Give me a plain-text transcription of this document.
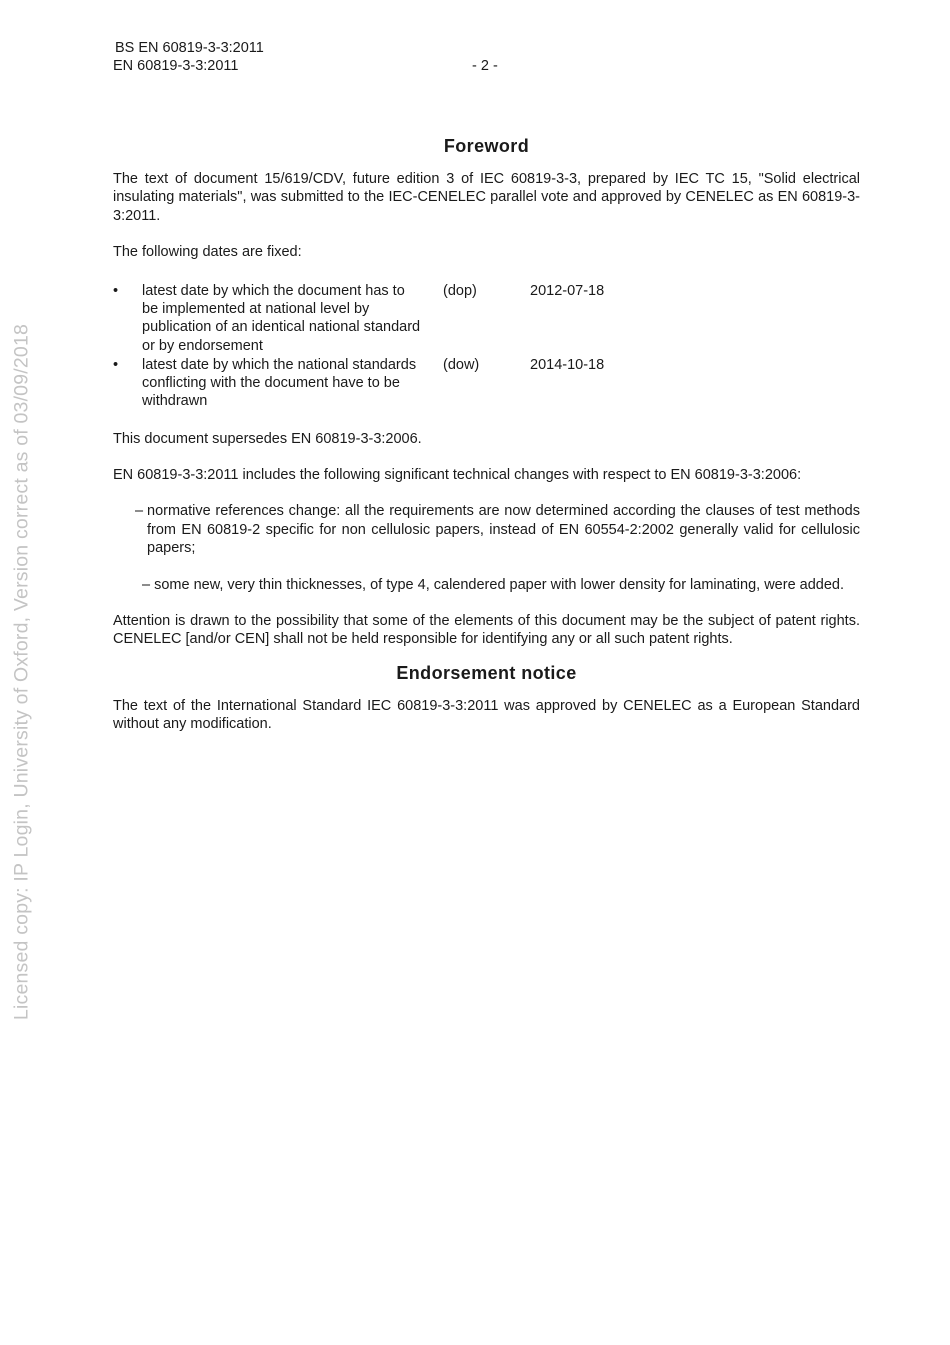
BS EN 60819-3-3:2011
EN 60819-3-3:2011	- 2 -
Licensed copy: IP Login, University of Oxford, Version correct as of 03/09/2018
Foreword

The text of document 15/619/CDV, future edition 3 of IEC 60819-3-3, prepared by IEC TC 15, "Solid electrical insulating materials", was submitted to the IEC-CENELEC parallel vote and approved by CENELEC as EN 60819-3-3:2011.

The following dates are fixed:

• latest date by which the document has to be implemented at national level by publication of an identical national standard or by endorsement
(dop)	2012-07-18
• latest date by which the national standards conflicting with the document have to be withdrawn
(dow)	2014-10-18

This document supersedes EN 60819-3-3:2006.

EN 60819-3-3:2011 includes the following significant technical changes with respect to EN 60819-3-3:2006:

– normative references change: all the requirements are now determined according the clauses of test methods from EN 60819-2 specific for non cellulosic papers, instead of EN 60554-2:2002 generally valid for cellulosic papers;

– some new, very thin thicknesses, of type 4, calendered paper with lower density for laminating, were added.

Attention is drawn to the possibility that some of the elements of this document may be the subject of patent rights. CENELEC [and/or CEN] shall not be held responsible for identifying any or all such patent rights.

Endorsement notice

The text of the International Standard IEC 60819-3-3:2011 was approved by CENELEC as a European Standard without any modification.
